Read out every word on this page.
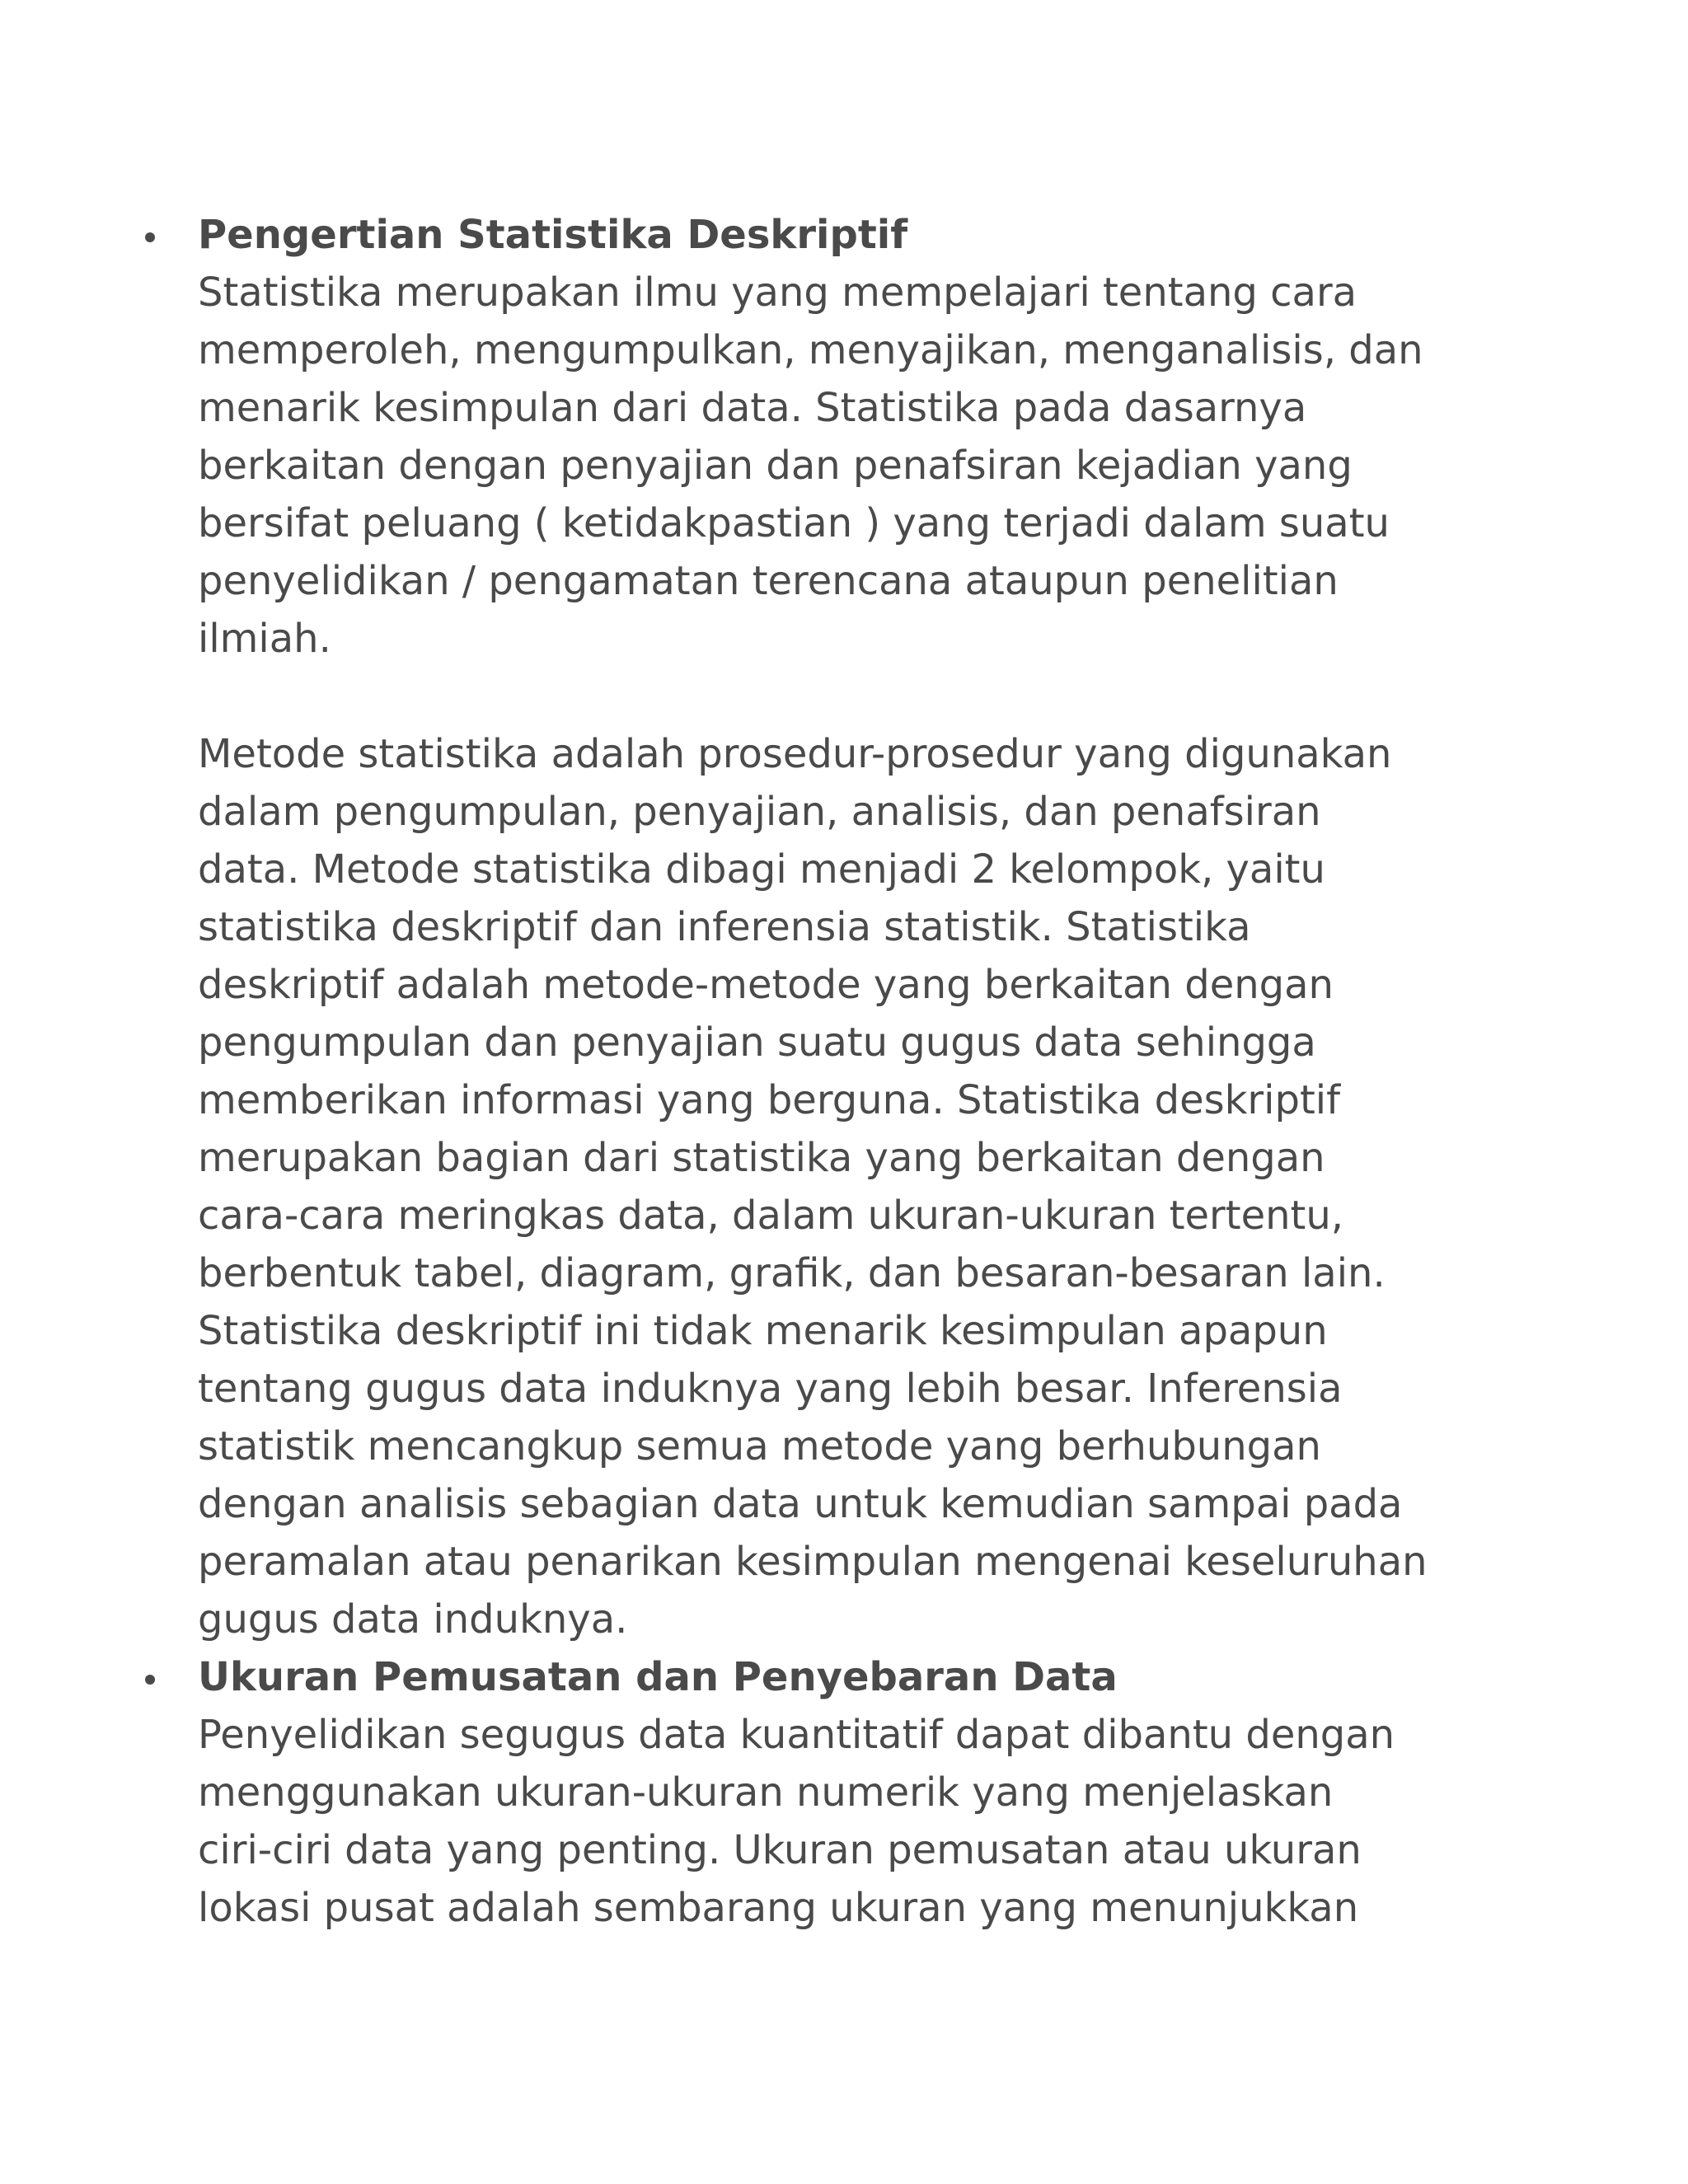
Pengertian Statistika Deskriptif
Statistika merupakan ilmu yang mempelajari tentang cara
memperoleh, mengumpulkan, menyajikan, menganalisis, dan
menarik kesimpulan dari data. Statistika pada dasarnya
berkaitan dengan penyajian dan penafsiran kejadian yang
bersifat peluang ( ketidakpastian ) yang terjadi dalam suatu
penyelidikan / pengamatan terencana ataupun penelitian
ilmiah.
Metode statistika adalah prosedur-prosedur yang digunakan
dalam pengumpulan, penyajian, analisis, dan penafsiran
data. Metode statistika dibagi menjadi 2 kelompok, yaitu
statistika deskriptif dan inferensia statistik. Statistika
deskriptif adalah metode-metode yang berkaitan dengan
pengumpulan dan penyajian suatu gugus data sehingga
memberikan informasi yang berguna. Statistika deskriptif
merupakan bagian dari statistika yang berkaitan dengan
cara-cara meringkas data, dalam ukuran-ukuran tertentu,
berbentuk tabel, diagram, grafik, dan besaran-besaran lain.
Statistika deskriptif ini tidak menarik kesimpulan apapun
tentang gugus data induknya yang lebih besar. Inferensia
statistik mencangkup semua metode yang berhubungan
dengan analisis sebagian data untuk kemudian sampai pada
peramalan atau penarikan kesimpulan mengenai keseluruhan
gugus data induknya.
Ukuran Pemusatan dan Penyebaran Data
Penyelidikan segugus data kuantitatif dapat dibantu dengan
menggunakan ukuran-ukuran numerik yang menjelaskan
ciri-ciri data yang penting. Ukuran pemusatan atau ukuran
lokasi pusat adalah sembarang ukuran yang menunjukkan
